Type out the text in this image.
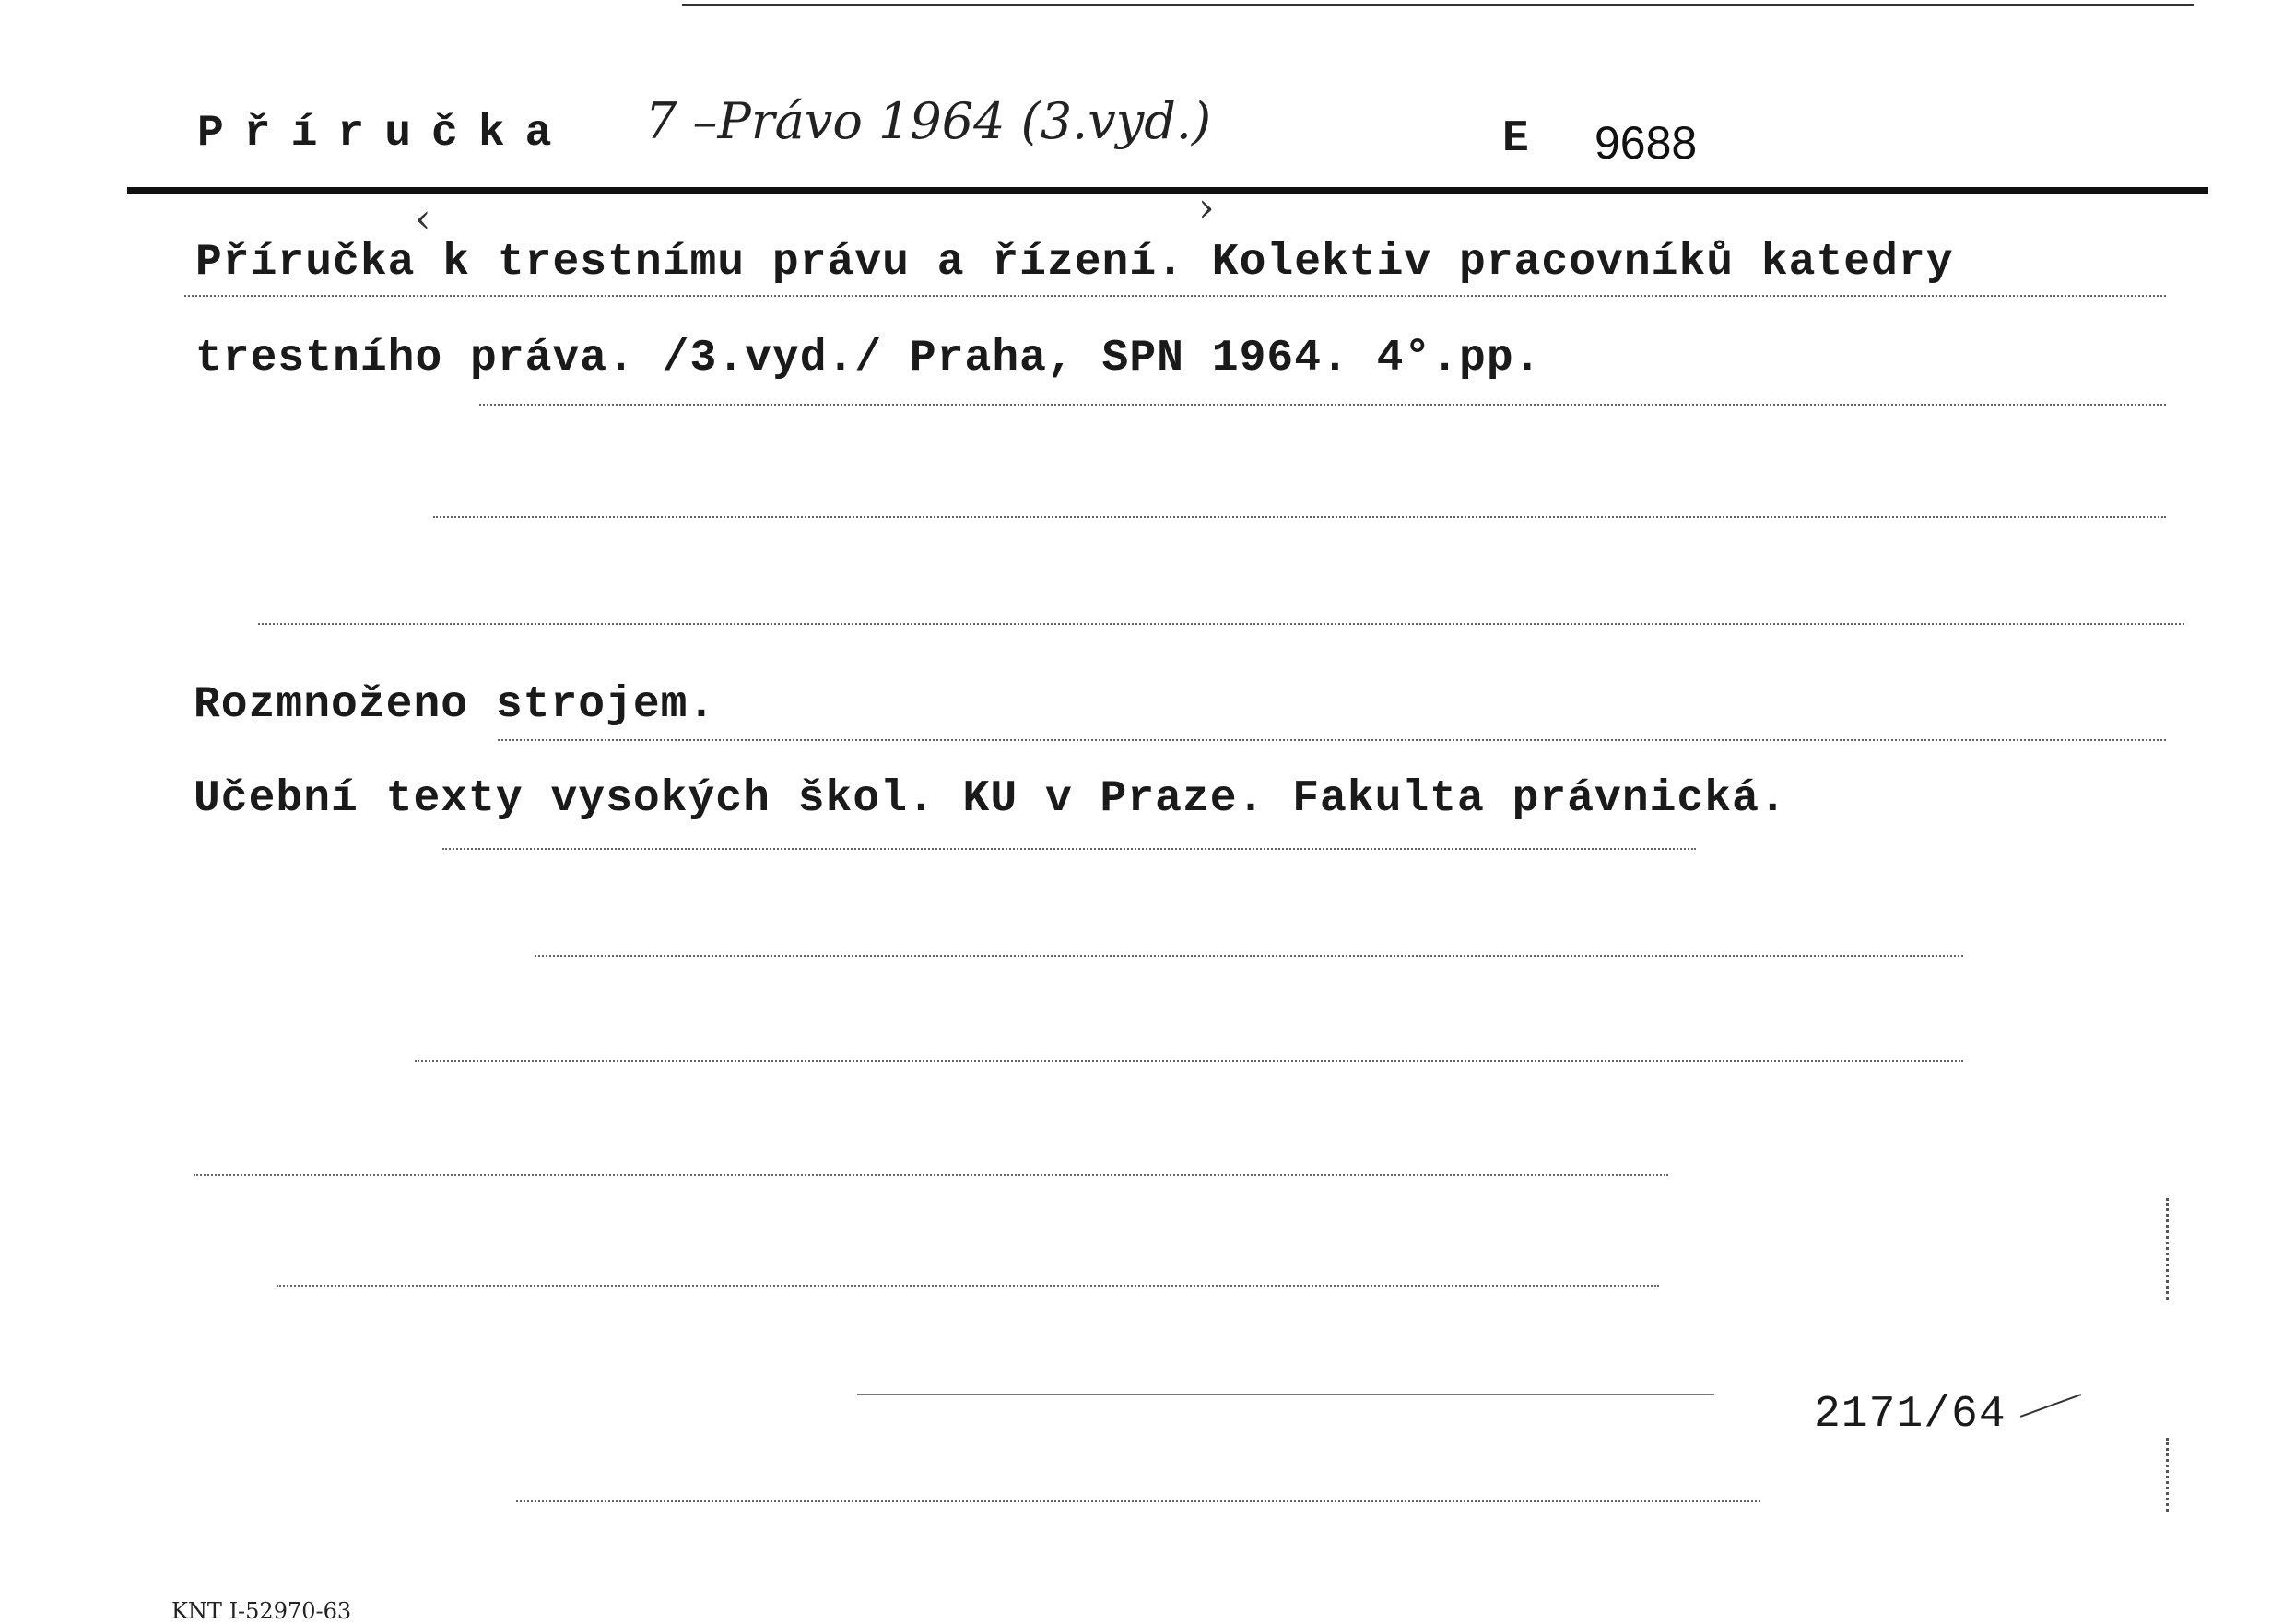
Příručka 7 –Právo 1964 (3.vyd.)	E 9688
‹	›
Příručka k trestnímu právu a řízení. Kolektiv pracovníků katedry
trestního práva. /3.vyd./ Praha, SPN 1964. 4°.pp.
Rozmnoženo strojem.
Učební texty vysokých škol. KU v Praze. Fakulta právnická.
2171/64
KNT I-52970-63
